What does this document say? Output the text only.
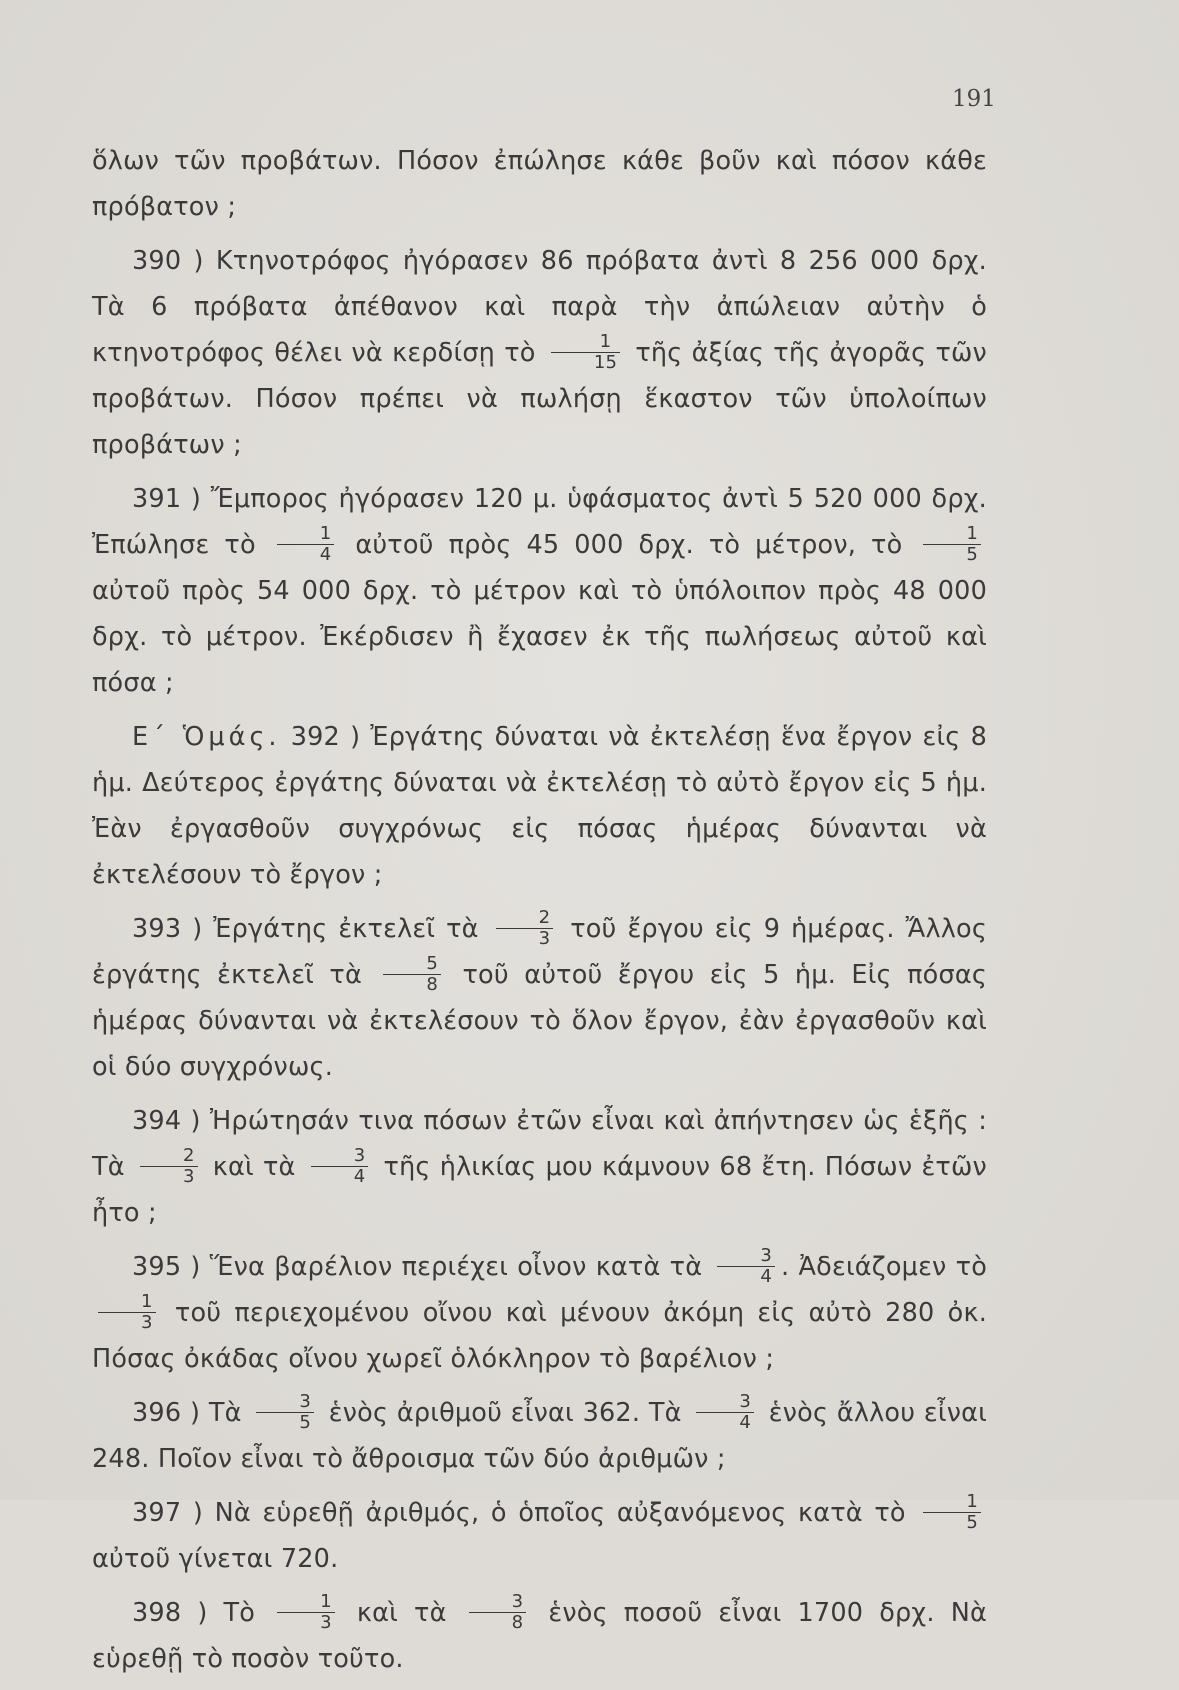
191

ὅλων τῶν προβάτων. Πόσον ἐπώλησε κάθε βοῦν καὶ πόσον κάθε πρόβατον ;

390 ) Κτηνοτρόφος ἠγόρασεν 86 πρόβατα ἀντὶ 8 256 000 δρχ. Τὰ 6 πρόβατα ἀπέθανον καὶ παρὰ τὴν ἀπώλειαν αὐτὴν ὁ κτηνοτρόφος θέλει νὰ κερδίσῃ τὸ $\frac{1}{15}$ τῆς ἀξίας τῆς ἀγορᾶς τῶν προβάτων. Πόσον πρέπει νὰ πωλήσῃ ἕκαστον τῶν ὑπολοίπων προβάτων ;

391 ) Ἔμπορος ἠγόρασεν 120 μ. ὑφάσματος ἀντὶ 5 520 000 δρχ. Ἐπώλησε τὸ $\frac{1}{4}$ αὐτοῦ πρὸς 45 000 δρχ. τὸ μέτρον, τὸ $\frac{1}{5}$
αὐτοῦ πρὸς 54 000 δρχ. τὸ μέτρον καὶ τὸ ὑπόλοιπον πρὸς 48 000 δρχ. τὸ μέτρον. Ἐκέρδισεν ἢ ἔχασεν ἐκ τῆς πωλήσεως αὐτοῦ καὶ πόσα ;

Ε΄ Ὁμάς. 392 ) Ἐργάτης δύναται νὰ ἐκτελέσῃ ἕνα ἔργον εἰς 8 ἡμ. Δεύτερος ἐργάτης δύναται νὰ ἐκτελέσῃ τὸ αὐτὸ ἔργον εἰς 5 ἡμ. Ἐὰν ἐργασθοῦν συγχρόνως εἰς πόσας ἡμέρας δύνανται νὰ ἐκτελέσουν τὸ ἔργον ;

393 ) Ἐργάτης ἐκτελεῖ τὰ $\frac{2}{3}$ τοῦ ἔργου εἰς 9 ἡμέρας. Ἄλλος ἐργάτης ἐκτελεῖ τὰ $\frac{5}{8}$ τοῦ αὐτοῦ ἔργου εἰς 5 ἡμ. Εἰς πόσας ἡμέρας δύνανται νὰ ἐκτελέσουν τὸ ὅλον ἔργον, ἐὰν ἐργασθοῦν καὶ οἱ δύο συγχρόνως.

394 ) Ἠρώτησάν τινα πόσων ἐτῶν εἶναι καὶ ἀπήντησεν ὡς ἑξῆς : Τὰ $\frac{2}{3}$ καὶ τὰ $\frac{3}{4}$ τῆς ἡλικίας μου κάμνουν 68 ἔτη. Πόσων ἐτῶν ἦτο ;

395 ) Ἕνα βαρέλιον περιέχει οἶνον κατὰ τὰ $\frac{3}{4}$ . Ἀδειάζομεν τὸ
$\frac{1}{3}$ τοῦ περιεχομένου οἴνου καὶ μένουν ἀκόμη εἰς αὐτὸ 280 ὀκ. Πόσας ὀκάδας οἴνου χωρεῖ ὁλόκληρον τὸ βαρέλιον ;

396 ) Τὰ $\frac{3}{5}$ ἑνὸς ἀριθμοῦ εἶναι 362. Τὰ $\frac{3}{4}$ ἑνὸς ἄλλου εἶναι 248. Ποῖον εἶναι τὸ ἄθροισμα τῶν δύο ἀριθμῶν ;

397 ) Νὰ εὑρεθῇ ἀριθμός, ὁ ὁποῖος αὐξανόμενος κατὰ τὸ $\frac{1}{5}$
αὐτοῦ γίνεται 720.

398 ) Τὸ $\frac{1}{3}$ καὶ τὰ $\frac{3}{8}$ ἑνὸς ποσοῦ εἶναι 1700 δρχ. Νὰ εὑρεθῇ τὸ ποσὸν τοῦτο.
